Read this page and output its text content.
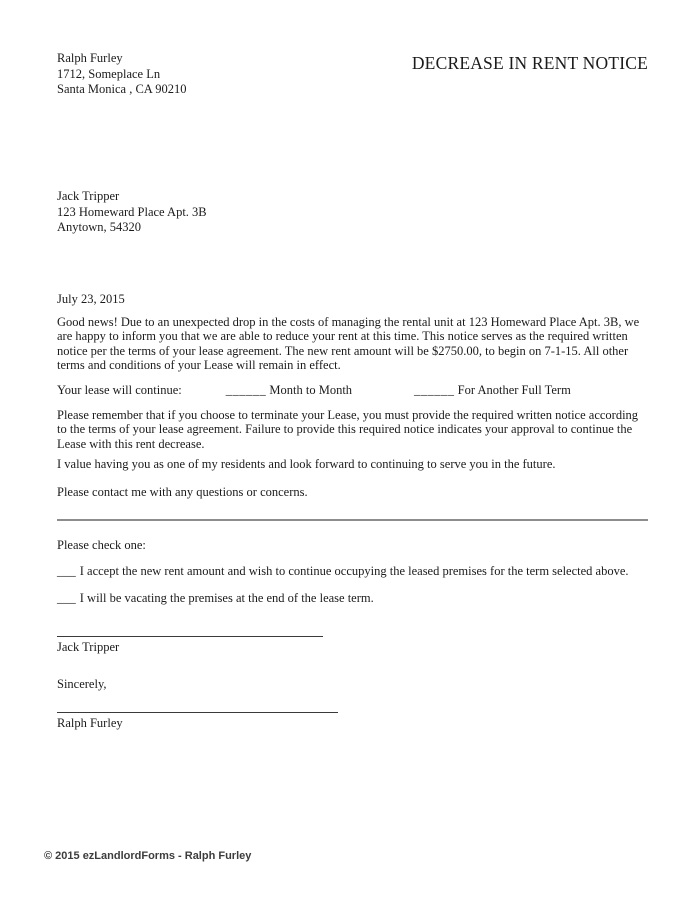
Ralph Furley
1712, Someplace Ln
Santa Monica , CA 90210
DECREASE IN RENT NOTICE
Jack Tripper
123 Homeward Place Apt. 3B
Anytown, 54320
July 23, 2015
Good news! Due to an unexpected drop in the costs of managing the rental unit at 123 Homeward Place Apt. 3B, we are happy to inform you that we are able to reduce your rent at this time. This notice serves as the required written notice per the terms of your lease agreement. The new rent amount will be $2750.00, to begin on 7-1-15. All other terms and conditions of your Lease will remain in effect.
Your lease will continue:	______ Month to Month	______ For Another Full Term
Please remember that if you choose to terminate your Lease, you must provide the required written notice according to the terms of your lease agreement. Failure to provide this required notice indicates your approval to continue the Lease with this rent decrease.
I value having you as one of my residents and look forward to continuing to serve you in the future.
Please contact me with any questions or concerns.
Please check one:
___ I accept the new rent amount and wish to continue occupying the leased premises for the term selected above.
___ I will be vacating the premises at the end of the lease term.
Jack Tripper
Sincerely,
Ralph Furley
© 2015 ezLandlordForms - Ralph Furley
